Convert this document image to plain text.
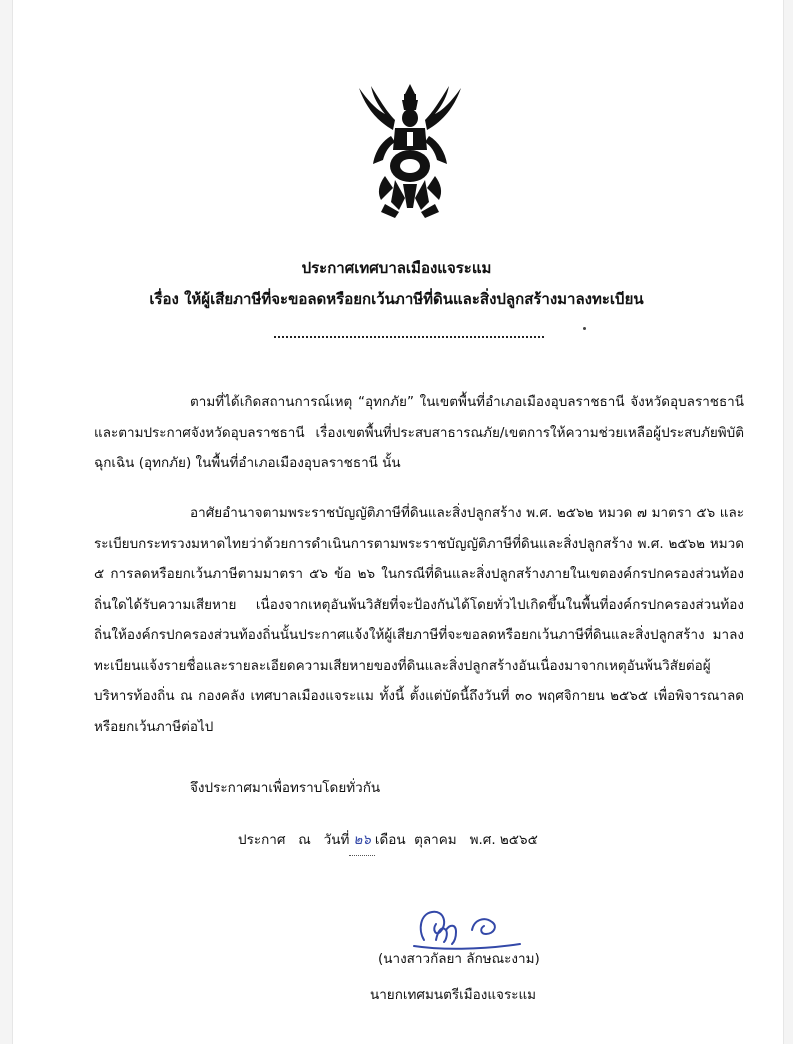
ประกาศเทศบาลเมืองแจระแม
เรื่อง ให้ผู้เสียภาษีที่จะขอลดหรือยกเว้นภาษีที่ดินและสิ่งปลูกสร้างมาลงทะเบียน
ตามที่ได้เกิดสถานการณ์เหตุ “อุทกภัย” ในเขตพื้นที่อำเภอเมืองอุบลราชธานี จังหวัดอุบลราชธานี และตามประกาศจังหวัดอุบลราชธานี เรื่องเขตพื้นที่ประสบสาธารณภัย/เขตการให้ความช่วยเหลือผู้ประสบภัยพิบัติฉุกเฉิน (อุทกภัย) ในพื้นที่อำเภอเมืองอุบลราชธานี นั้น
อาศัยอำนาจตามพระราชบัญญัติภาษีที่ดินและสิ่งปลูกสร้าง พ.ศ. ๒๕๖๒ หมวด ๗ มาตรา ๕๖ และระเบียบกระทรวงมหาดไทยว่าด้วยการดำเนินการตามพระราชบัญญัติภาษีที่ดินและสิ่งปลูกสร้าง พ.ศ. ๒๕๖๒ หมวด ๕ การลดหรือยกเว้นภาษีตามมาตรา ๕๖ ข้อ ๒๖ ในกรณีที่ดินและสิ่งปลูกสร้างภายในเขตองค์กรปกครองส่วนท้องถิ่นใดได้รับความเสียหาย เนื่องจากเหตุอันพ้นวิสัยที่จะป้องกันได้โดยทั่วไปเกิดขึ้นในพื้นที่องค์กรปกครองส่วนท้องถิ่นให้องค์กรปกครองส่วนท้องถิ่นนั้นประกาศแจ้งให้ผู้เสียภาษีที่จะขอลดหรือยกเว้นภาษีที่ดินและสิ่งปลูกสร้าง มาลงทะเบียนแจ้งรายชื่อและรายละเอียดความเสียหายของที่ดินและสิ่งปลูกสร้างอันเนื่องมาจากเหตุอันพ้นวิสัยต่อผู้บริหารท้องถิ่น ณ กองคลัง เทศบาลเมืองแจระแม ทั้งนี้ ตั้งแต่บัดนี้ถึงวันที่ ๓๐ พฤศจิกายน ๒๕๖๕ เพื่อพิจารณาลดหรือยกเว้นภาษีต่อไป
จึงประกาศมาเพื่อทราบโดยทั่วกัน
ประกาศ   ณ   วันที่ ๒๖ เดือน  ตุลาคม   พ.ศ. ๒๕๖๕
(นางสาวกัลยา ลักษณะงาม)
นายกเทศมนตรีเมืองแจระแม
